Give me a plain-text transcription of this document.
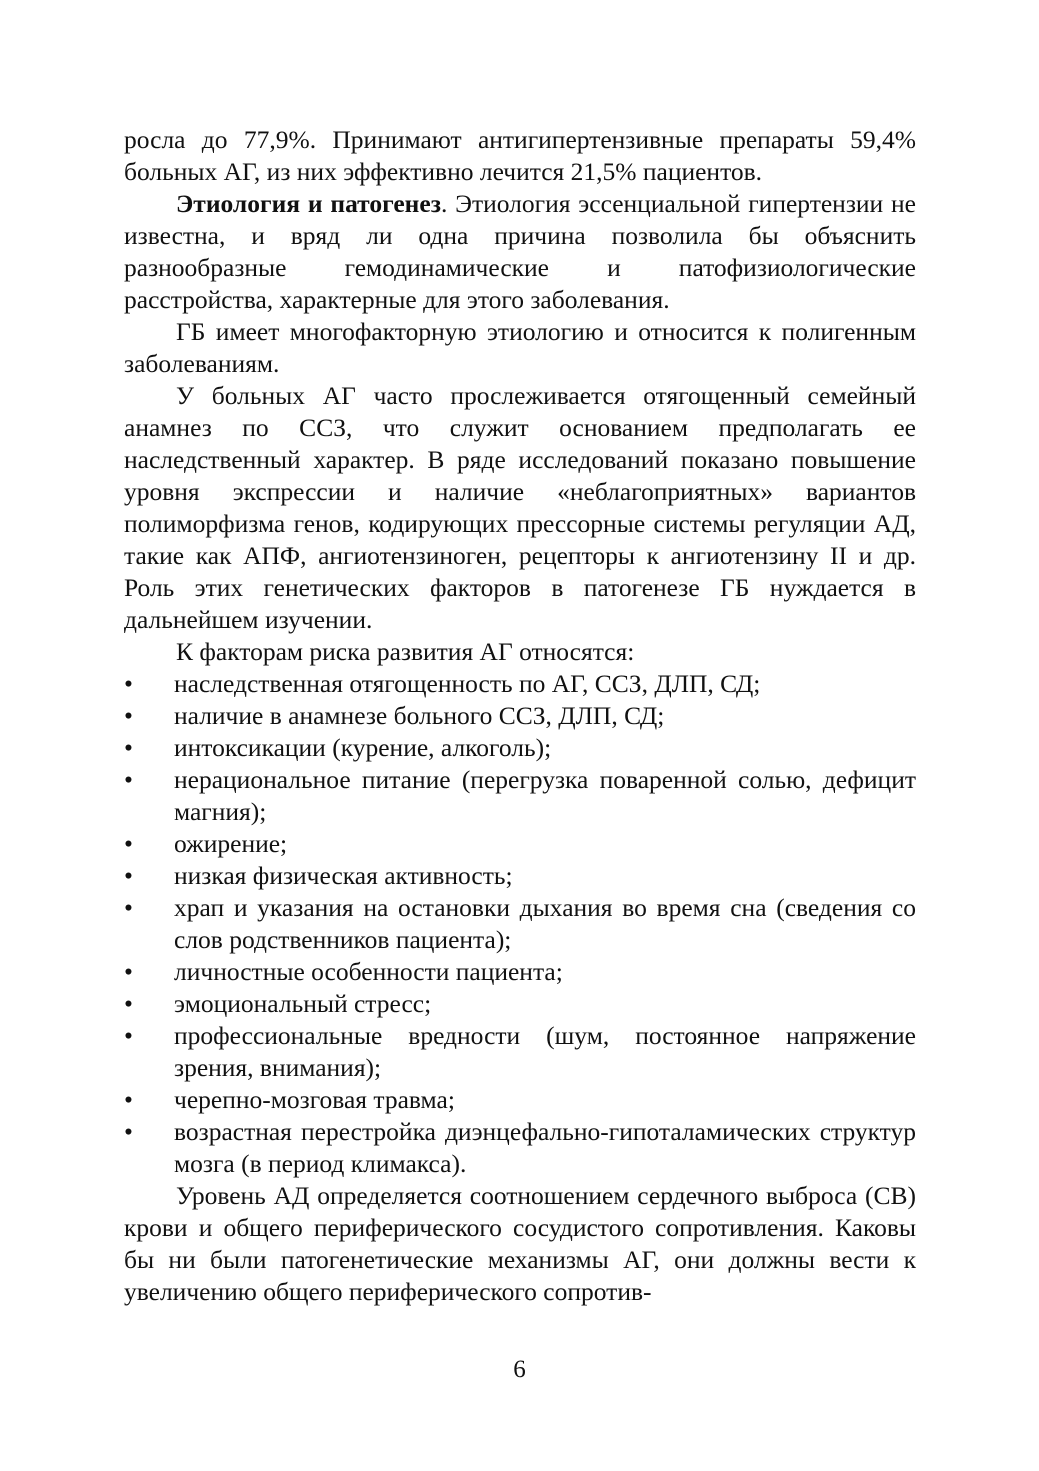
росла до 77,9%. Принимают антигипертензивные препараты 59,4% больных АГ, из них эффективно лечится 21,5% пациентов.

Этиология и патогенез. Этиология эссенциальной гипертензии не известна, и вряд ли одна причина позволила бы объяснить разнообразные гемодинамические и патофизиологические расстройства, характерные для этого заболевания.

ГБ имеет многофакторную этиологию и относится к полигенным заболеваниям.

У больных АГ часто прослеживается отягощенный семейный анамнез по ССЗ, что служит основанием предполагать ее наследственный характер. В ряде исследований показано повышение уровня экспрессии и наличие «неблагоприятных» вариантов полиморфизма генов, кодирующих прессорные системы регуляции АД, такие как АПФ, ангиотензиноген, рецепторы к ангиотензину II и др. Роль этих генетических факторов в патогенезе ГБ нуждается в дальнейшем изучении.

К факторам риска развития АГ относятся:

•	наследственная отягощенность по АГ, ССЗ, ДЛП, СД;
•	наличие в анамнезе больного ССЗ, ДЛП, СД;
•	интоксикации (курение, алкоголь);
•	нерациональное питание (перегрузка поваренной солью, дефицит магния);
•	ожирение;
•	низкая физическая активность;
•	храп и указания на остановки дыхания во время сна (сведения со слов родственников пациента);
•	личностные особенности пациента;
•	эмоциональный стресс;
•	профессиональные вредности (шум, постоянное напряжение зрения, внимания);
•	черепно-мозговая травма;
•	возрастная перестройка диэнцефально-гипоталамических структур мозга (в период климакса).

Уровень АД определяется соотношением сердечного выброса (СВ) крови и общего периферического сосудистого сопротивления. Каковы бы ни были патогенетические механизмы АГ, они должны вести к увеличению общего периферического сопротив-

6
